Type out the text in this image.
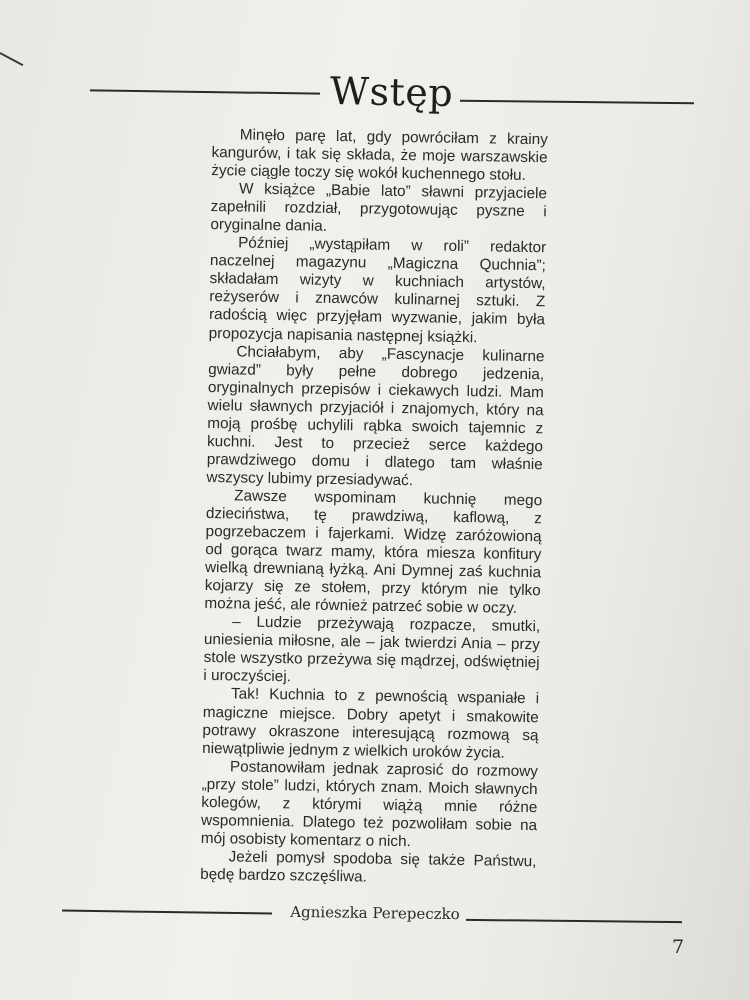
Wstęp

Minęło parę lat, gdy powróciłam z krainy kangurów, i tak się składa, że moje warszawskie życie ciągle toczy się wokół kuchennego stołu.

W książce „Babie lato” sławni przyjaciele zapełnili rozdział, przygotowując pyszne i oryginalne dania.

Później „wystąpiłam w roli” redaktor naczelnej magazynu „Magiczna Quchnia”; składałam wizyty w kuchniach artystów, reżyserów i znawców kulinarnej sztuki. Z radością więc przyjęłam wyzwanie, jakim była propozycja napisania następnej książki.

Chciałabym, aby „Fascynacje kulinarne gwiazd” były pełne dobrego jedzenia, oryginalnych przepisów i ciekawych ludzi. Mam wielu sławnych przyjaciół i znajomych, który na moją prośbę uchylili rąbka swoich tajemnic z kuchni. Jest to przecież serce każdego prawdziwego domu i dlatego tam właśnie wszyscy lubimy przesiadywać.

Zawsze wspominam kuchnię mego dzieciństwa, tę prawdziwą, kaflową, z pogrzebaczem i fajerkami. Widzę zaróżowioną od gorąca twarz mamy, która miesza konfitury wielką drewnianą łyżką. Ani Dymnej zaś kuchnia kojarzy się ze stołem, przy którym nie tylko można jeść, ale również patrzeć sobie w oczy.

– Ludzie przeżywają rozpacze, smutki, uniesienia miłosne, ale – jak twierdzi Ania – przy stole wszystko przeżywa się mądrzej, odświętniej i uroczyściej.

Tak! Kuchnia to z pewnością wspaniałe i magiczne miejsce. Dobry apetyt i smakowite potrawy okraszone interesującą rozmową są niewątpliwie jednym z wielkich uroków życia.

Postanowiłam jednak zaprosić do rozmowy „przy stole” ludzi, których znam. Moich sławnych kolegów, z którymi wiążą mnie różne wspomnienia. Dlatego też pozwoliłam sobie na mój osobisty komentarz o nich.

Jeżeli pomysł spodoba się także Państwu, będę bardzo szczęśliwa.

Agnieszka Perepeczko
7
